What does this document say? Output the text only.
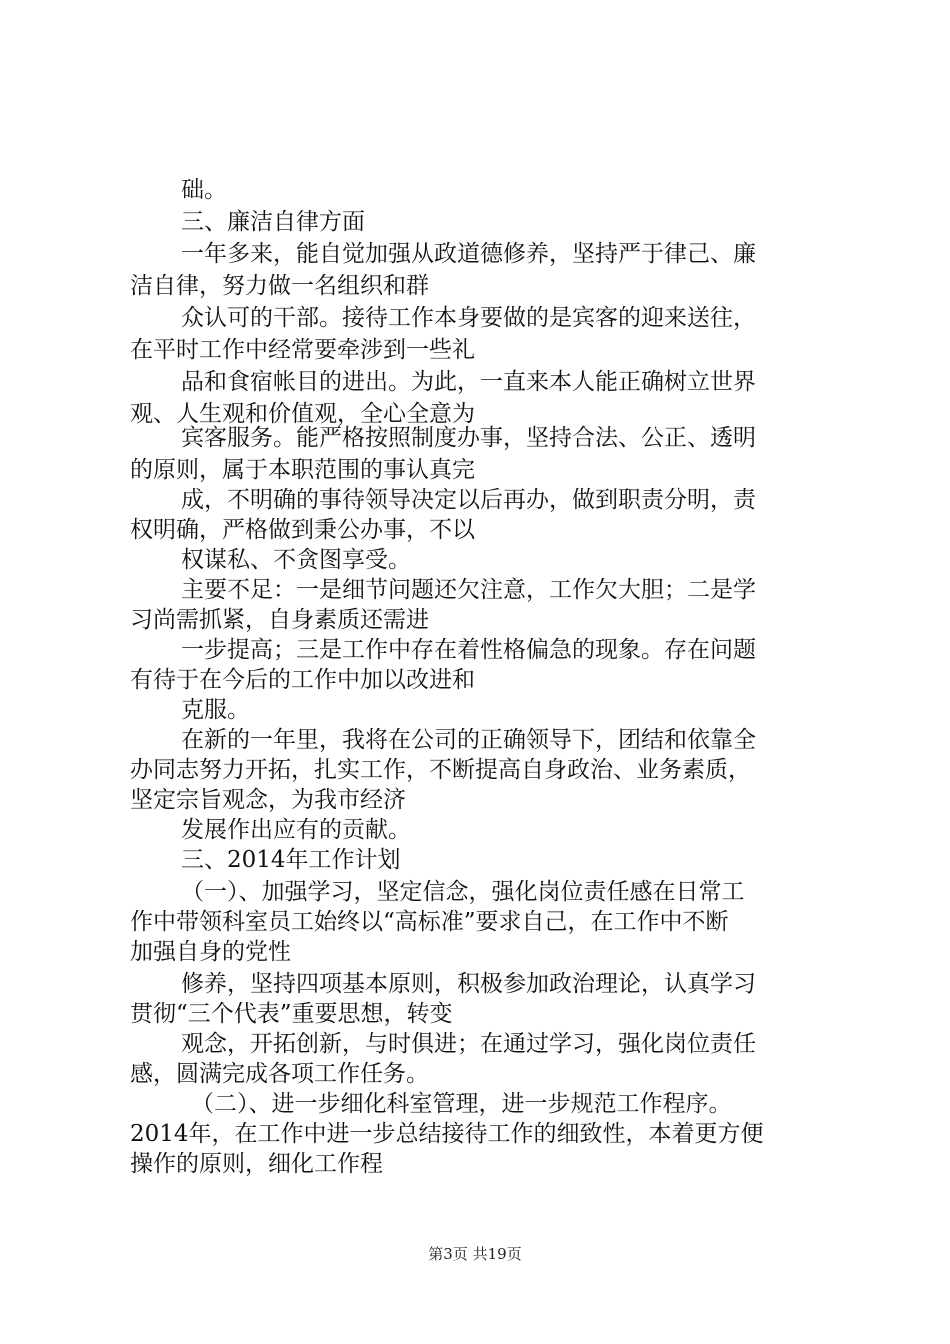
础。
三、廉洁自律方面
一年多来，能自觉加强从政道德修养，坚持严于律己、廉
洁自律，努力做一名组织和群
众认可的干部。接待工作本身要做的是宾客的迎来送往，
在平时工作中经常要牵涉到一些礼
品和食宿帐目的进出。为此，一直来本人能正确树立世界
观、人生观和价值观，全心全意为
宾客服务。能严格按照制度办事，坚持合法、公正、透明
的原则，属于本职范围的事认真完
成，不明确的事待领导决定以后再办，做到职责分明，责
权明确，严格做到秉公办事，不以
权谋私、不贪图享受。
主要不足：一是细节问题还欠注意，工作欠大胆；二是学
习尚需抓紧，自身素质还需进
一步提高；三是工作中存在着性格偏急的现象。存在问题
有待于在今后的工作中加以改进和
克服。
在新的一年里，我将在公司的正确领导下，团结和依靠全
办同志努力开拓，扎实工作，不断提高自身政治、业务素质，
坚定宗旨观念，为我市经济
发展作出应有的贡献。
三、2014年工作计划
（一）、加强学习，坚定信念，强化岗位责任感在日常工
作中带领科室员工始终以“高标准”要求自己，在工作中不断
加强自身的党性
修养，坚持四项基本原则，积极参加政治理论，认真学习
贯彻“三个代表”重要思想，转变
观念，开拓创新，与时俱进；在通过学习，强化岗位责任
感，圆满完成各项工作任务。
（二）、进一步细化科室管理，进一步规范工作程序。
2014年，在工作中进一步总结接待工作的细致性，本着更方便
操作的原则，细化工作程
第3页 共19页
